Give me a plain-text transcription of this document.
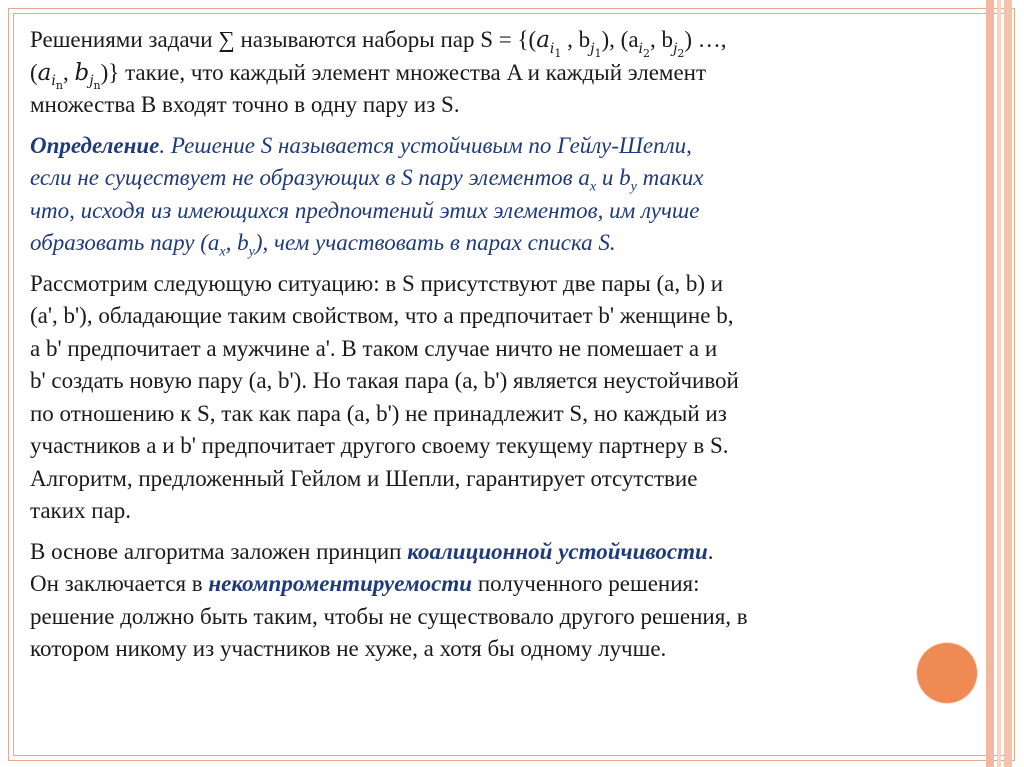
Решениями задачи ∑ называются наборы пар $S = \{(a_{i_1}$ , $b_{j_1}$), ($a_{i_2}$, $b_{j_2}$) …,
($a_{i_n}$, $b_{j_n}$)} такие, что каждый элемент множества A и каждый элемент
множества B входят точно в одну пару из S.
Определение. Решение S называется устойчивым по Гейлу-Шепли,
если не существует не образующих в S пару элементов $a_x$ и $b_y$ таких
что, исходя из имеющихся предпочтений этих элементов, им лучше
образовать пару ($a_x$, $b_y$), чем участвовать в парах списка S.
Рассмотрим следующую ситуацию: в S присутствуют две пары (a, b) и
(a', b'), обладающие таким свойством, что a предпочитает b' женщине b,
а b' предпочитает a мужчине a'. В таком случае ничто не помешает a и
b' создать новую пару (a, b'). Но такая пара (a, b') является неустойчивой
по отношению к S, так как пара (a, b') не принадлежит S, но каждый из
участников a и b' предпочитает другого своему текущему партнеру в S.
Алгоритм, предложенный Гейлом и Шепли, гарантирует отсутствие
таких пар.
В основе алгоритма заложен принцип коалиционной устойчивости.
Он заключается в некомпроментируемости полученного решения:
решение должно быть таким, чтобы не существовало другого решения, в
котором никому из участников не хуже, а хотя бы одному лучше.
